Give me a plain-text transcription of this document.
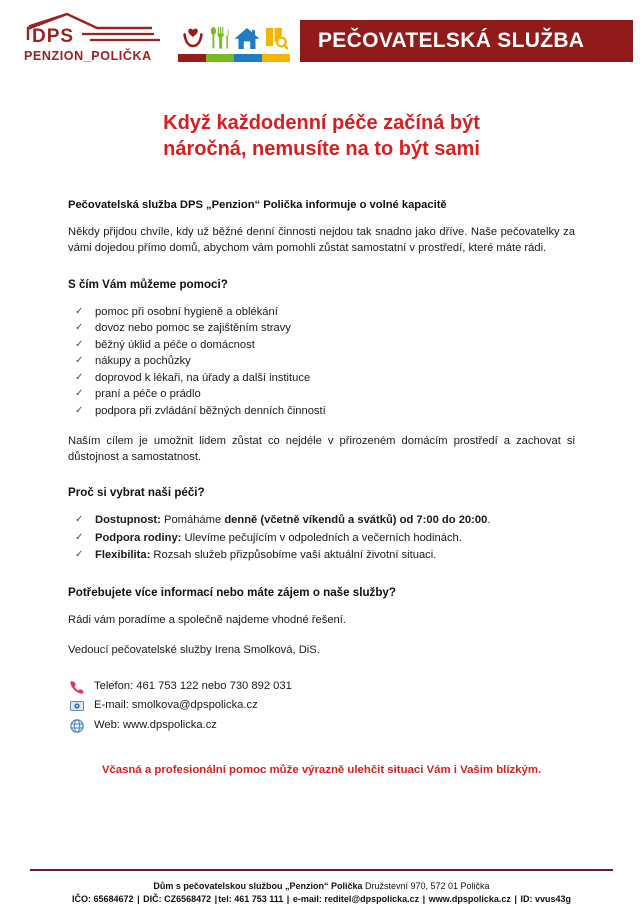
DPS
PENZION_POLIČKA
PEČOVATELSKÁ SLUŽBA
Když každodenní péče začíná být
náročná, nemusíte na to být sami
Pečovatelská služba DPS „Penzion“ Polička informuje o volné kapacitě

Někdy přijdou chvíle, kdy už běžné denní činnosti nejdou tak snadno jako dříve. Naše pečovatelky za vámi dojedou přímo domů, abychom vám pomohli zůstat samostatní v prostředí, které máte rádi.

S čím Vám můžeme pomoci?
✓ pomoc při osobní hygieně a oblékání
✓ dovoz nebo pomoc se zajištěním stravy
✓ běžný úklid a péče o domácnost
✓ nákupy a pochůzky
✓ doprovod k lékaři, na úřady a další instituce
✓ praní a péče o prádlo
✓ podpora při zvládání běžných denních činností

Naším cílem je umožnit lidem zůstat co nejdéle v přirozeném domácím prostředí a zachovat si důstojnost a samostatnost.

Proč si vybrat naši péči?
✓ Dostupnost: Pomáháme denně (včetně víkendů a svátků) od 7:00 do 20:00.
✓ Podpora rodiny: Ulevíme pečujícím v odpoledních a večerních hodinách.
✓ Flexibilita: Rozsah služeb přizpůsobíme vaší aktuální životní situaci.
Potřebujete více informací nebo máte zájem o naše služby?

Rádi vám poradíme a společně najdeme vhodné řešení.

Vedoucí pečovatelské služby Irena Smolková, DiS.

Telefon: 461 753 122 nebo 730 892 031
E-mail: smolkova@dpspolicka.cz
Web: www.dpspolicka.cz
Včasná a profesionální pomoc může výrazně ulehčit situaci Vám i Vašim blízkým.
Dům s pečovatelskou službou „Penzion“ Polička Družstevní 970, 572 01 Polička
IČO: 65684672 | DIČ: CZ6568472 |tel: 461 753 111 | e-mail: reditel@dpspolicka.cz | www.dpspolicka.cz | ID: vvus43g
